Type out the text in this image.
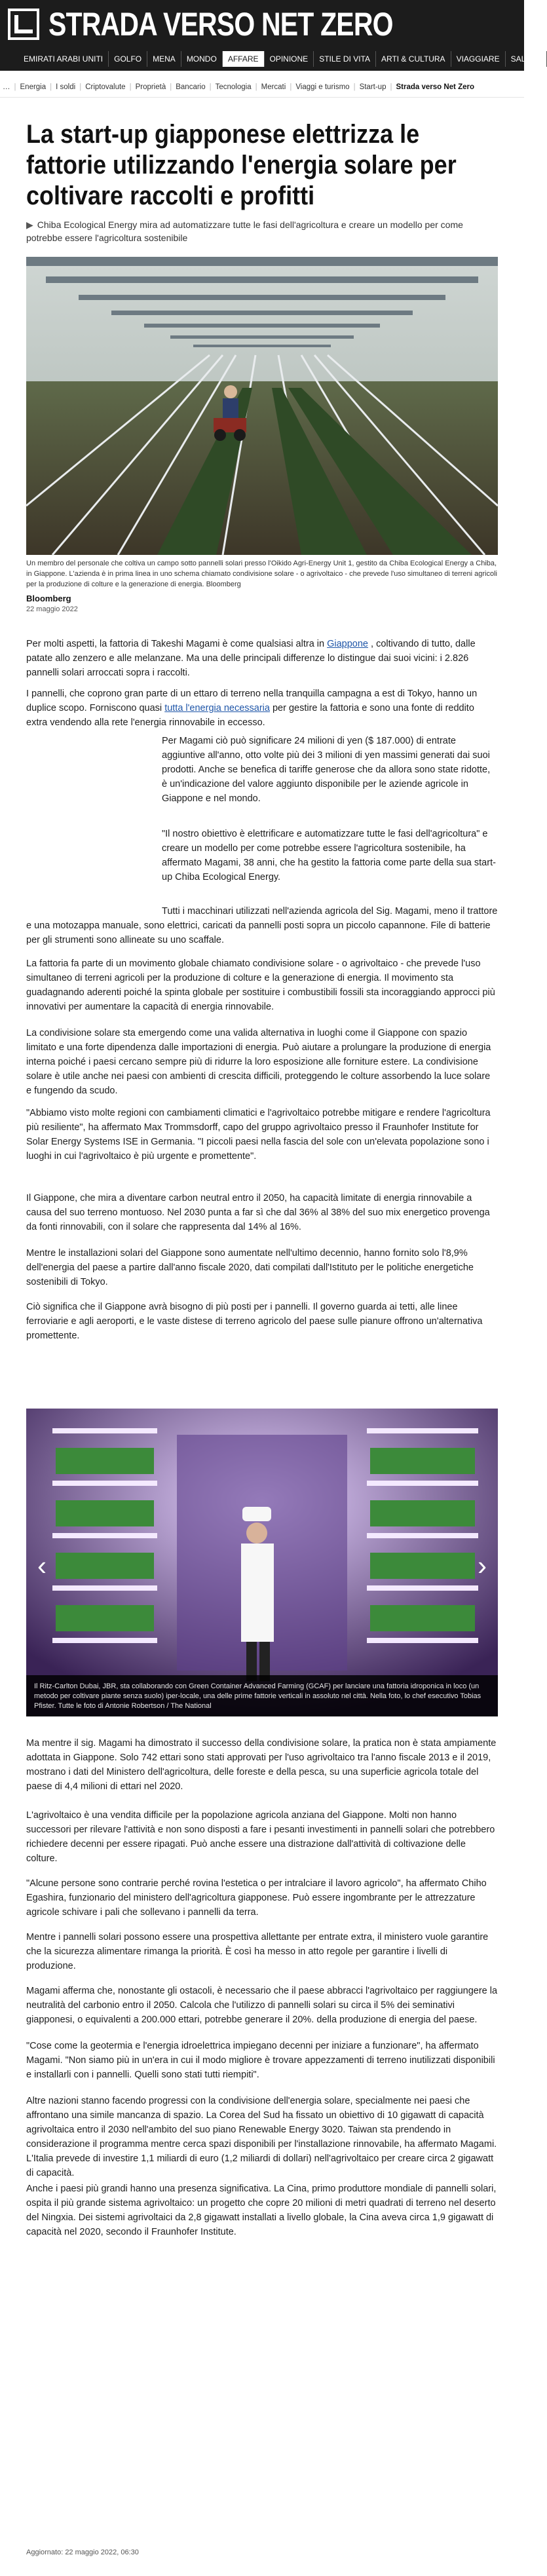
STRADA VERSO NET ZERO
EMIRATI ARABI UNITI	GOLFO	MENA	MONDO	AFFARE	OPINIONE	STILE DI VITA	ARTI & CULTURA	VIAGGIARE	SALUTE
… | Energia | I soldi | Criptovalute | Proprietà | Bancario | Tecnologia | Mercati | Viaggi e turismo | Start-up | Strada verso Net Zero
La start-up giapponese elettrizza le fattorie utilizzando l'energia solare per coltivare raccolti e profitti
▶ Chiba Ecological Energy mira ad automatizzare tutte le fasi dell'agricoltura e creare un modello per come potrebbe essere l'agricoltura sostenibile
Un membro del personale che coltiva un campo sotto pannelli solari presso l'Oikido Agri-Energy Unit 1, gestito da Chiba Ecological Energy a Chiba, in Giappone. L'azienda è in prima linea in uno schema chiamato condivisione solare - o agrivoltaico - che prevede l'uso simultaneo di terreni agricoli per la produzione di colture e la generazione di energia. Bloomberg
Bloomberg
22 maggio 2022

Per molti aspetti, la fattoria di Takeshi Magami è come qualsiasi altra in Giappone , coltivando di tutto, dalle patate allo zenzero e alle melanzane. Ma una delle principali differenze lo distingue dai suoi vicini: i 2.826 pannelli solari arroccati sopra i raccolti.

I pannelli, che coprono gran parte di un ettaro di terreno nella tranquilla campagna a est di Tokyo, hanno un duplice scopo. Forniscono quasi tutta l'energia necessaria per gestire la fattoria e sono una fonte di reddito extra vendendo alla rete l'energia rinnovabile in eccesso.

Per Magami ciò può significare 24 milioni di yen ($ 187.000) di entrate aggiuntive all'anno, otto volte più dei 3 milioni di yen massimi generati dai suoi prodotti. Anche se benefica di tariffe generose che da allora sono state ridotte, è un'indicazione del valore aggiunto disponibile per le aziende agricole in Giappone e nel mondo.

"Il nostro obiettivo è elettrificare e automatizzare tutte le fasi dell'agricoltura" e creare un modello per come potrebbe essere l'agricoltura sostenibile, ha affermato Magami, 38 anni, che ha gestito la fattoria come parte della sua start-up Chiba Ecological Energy.

Tutti i macchinari utilizzati nell'azienda agricola del Sig. Magami, meno il trattore e una motozappa manuale, sono elettrici, caricati da pannelli posti sopra un piccolo capannone. File di batterie per gli strumenti sono allineate su uno scaffale.

La fattoria fa parte di un movimento globale chiamato condivisione solare - o agrivoltaico - che prevede l'uso simultaneo di terreni agricoli per la produzione di colture e la generazione di energia. Il movimento sta guadagnando aderenti poiché la spinta globale per sostituire i combustibili fossili sta incoraggiando approcci più innovativi per aumentare la capacità di energia rinnovabile.

La condivisione solare sta emergendo come una valida alternativa in luoghi come il Giappone con spazio limitato e una forte dipendenza dalle importazioni di energia. Può aiutare a prolungare la produzione di energia interna poiché i paesi cercano sempre più di ridurre la loro esposizione alle forniture estere. La condivisione solare è utile anche nei paesi con ambienti di crescita difficili, proteggendo le colture assorbendo la luce solare e fungendo da scudo.

"Abbiamo visto molte regioni con cambiamenti climatici e l'agrivoltaico potrebbe mitigare e rendere l'agricoltura più resiliente", ha affermato Max Trommsdorff, capo del gruppo agrivoltaico presso il Fraunhofer Institute for Solar Energy Systems ISE in Germania. "I piccoli paesi nella fascia del sole con un'elevata popolazione sono i luoghi in cui l'agrivoltaico è più urgente e promettente".

Il Giappone, che mira a diventare carbon neutral entro il 2050, ha capacità limitate di energia rinnovabile a causa del suo terreno montuoso. Nel 2030 punta a far sì che dal 36% al 38% del suo mix energetico provenga da fonti rinnovabili, con il solare che rappresenta dal 14% al 16%.

Mentre le installazioni solari del Giappone sono aumentate nell'ultimo decennio, hanno fornito solo l'8,9% dell'energia del paese a partire dall'anno fiscale 2020, dati compilati dall'Istituto per le politiche energetiche sostenibili di Tokyo.

Ciò significa che il Giappone avrà bisogno di più posti per i pannelli. Il governo guarda ai tetti, alle linee ferroviarie e agli aeroporti, e le vaste distese di terreno agricolo del paese sulle pianure offrono un'alternativa promettente.

‹	›
Il Ritz-Carlton Dubai, JBR, sta collaborando con Green Container Advanced Farming (GCAF) per lanciare una fattoria idroponica in loco (un metodo per coltivare piante senza suolo) iper-locale, una delle prime fattorie verticali in assoluto nel città. Nella foto, lo chef esecutivo Tobias Pfister. Tutte le foto di Antonie Robertson / The National

Ma mentre il sig. Magami ha dimostrato il successo della condivisione solare, la pratica non è stata ampiamente adottata in Giappone. Solo 742 ettari sono stati approvati per l'uso agrivoltaico tra l'anno fiscale 2013 e il 2019, mostrano i dati del Ministero dell'agricoltura, delle foreste e della pesca, su una superficie agricola totale del paese di 4,4 milioni di ettari nel 2020.

L'agrivoltaico è una vendita difficile per la popolazione agricola anziana del Giappone. Molti non hanno successori per rilevare l'attività e non sono disposti a fare i pesanti investimenti in pannelli solari che potrebbero richiedere decenni per essere ripagati. Può anche essere una distrazione dall'attività di coltivazione delle colture.

"Alcune persone sono contrarie perché rovina l'estetica o per intralciare il lavoro agricolo", ha affermato Chiho Egashira, funzionario del ministero dell'agricoltura giapponese. Può essere ingombrante per le attrezzature agricole schivare i pali che sollevano i pannelli da terra.

Mentre i pannelli solari possono essere una prospettiva allettante per entrate extra, il ministero vuole garantire che la sicurezza alimentare rimanga la priorità. È così ha messo in atto regole per garantire i livelli di produzione.

Magami afferma che, nonostante gli ostacoli, è necessario che il paese abbracci l'agrivoltaico per raggiungere la neutralità del carbonio entro il 2050. Calcola che l'utilizzo di pannelli solari su circa il 5% dei seminativi giapponesi, o equivalenti a 200.000 ettari, potrebbe generare il 20%. della produzione di energia del paese.

"Cose come la geotermia e l'energia idroelettrica impiegano decenni per iniziare a funzionare", ha affermato Magami. "Non siamo più in un'era in cui il modo migliore è trovare appezzamenti di terreno inutilizzati disponibili e installarli con i pannelli. Quelli sono stati tutti riempiti".

Altre nazioni stanno facendo progressi con la condivisione dell'energia solare, specialmente nei paesi che affrontano una simile mancanza di spazio. La Corea del Sud ha fissato un obiettivo di 10 gigawatt di capacità agrivoltaica entro il 2030 nell'ambito del suo piano Renewable Energy 3020. Taiwan sta prendendo in considerazione il programma mentre cerca spazi disponibili per l'installazione rinnovabile, ha affermato Magami. L'Italia prevede di investire 1,1 miliardi di euro (1,2 miliardi di dollari) nell'agrivoltaico per creare circa 2 gigawatt di capacità.

Anche i paesi più grandi hanno una presenza significativa. La Cina, primo produttore mondiale di pannelli solari, ospita il più grande sistema agrivoltaico: un progetto che copre 20 milioni di metri quadrati di terreno nel deserto del Ningxia. Dei sistemi agrivoltaici da 2,8 gigawatt installati a livello globale, la Cina aveva circa 1,9 gigawatt di capacità nel 2020, secondo il Fraunhofer Institute.

Aggiornato: 22 maggio 2022, 06:30
